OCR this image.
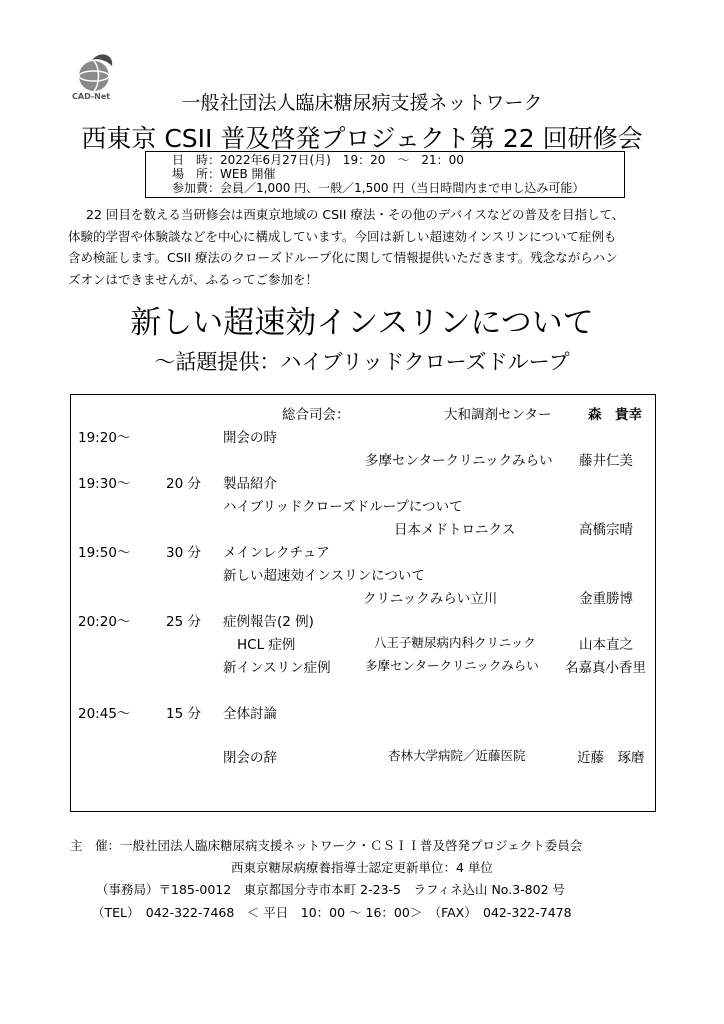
CAD-Net	一般社団法人臨床糖尿病支援ネットワーク
西東京 CSII 普及啓発プロジェクト第 22 回研修会
日　時：2022年6月27日(月)　19：20　～　21：00
場　所：WEB 開催
参加費：会員／1,000 円、一般／1,500 円（当日時間内まで申し込み可能）

22 回目を数える当研修会は西東京地域の CSII 療法・その他のデバイスなどの普及を目指して、

体験的学習や体験談などを中心に構成しています。今回は新しい超速効インスリンについて症例も

含め検証します。CSII 療法のクローズドループ化に関して情報提供いただきます。残念ながらハン

ズオンはできませんが、ふるってご参加を！

新しい超速効インスリンについて
～話題提供：ハイブリッドクローズドループ
総合司会：	大和調剤センター	森　貴幸
19:20～	開会の時
多摩センタークリニックみらい 藤井仁美
19:30～	20 分 製品紹介
ハイブリッドクローズドループについて
日本メドトロニクス	高橋宗晴
19:50～	30 分 メインレクチュア
新しい超速効インスリンについて
クリニックみらい立川	金重勝博
20:20～	25 分 症例報告(2 例)
HCL 症例	八王子糖尿病内科クリニック	山本直之
新インスリン症例	多摩センタークリニックみらい 名嘉真小香里
20:45～	15 分 全体討論
閉会の辞	杏林大学病院／近藤医院	近藤　琢磨
主　催：一般社団法人臨床糖尿病支援ネットワーク・ＣＳＩＩ普及啓発プロジェクト委員会
西東京糖尿病療養指導士認定更新単位：4 単位
（事務局）〒185-0012　東京都国分寺市本町 2-23-5　ラフィネ込山 No.3-802 号
（TEL）　042-322-7468　＜ 平日　10：00 ～ 16：00＞　（FAX）　042-322-7478
